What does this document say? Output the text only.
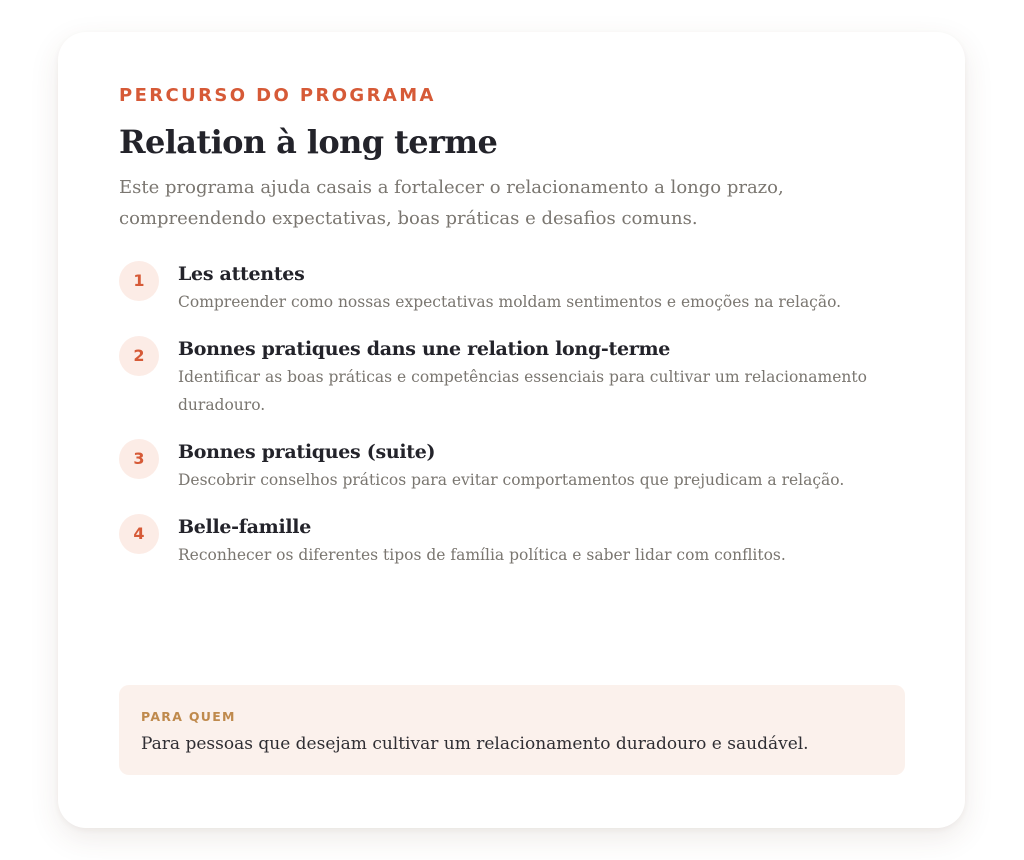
PERCURSO DO PROGRAMA

Relation à long terme

Este programa ajuda casais a fortalecer o relacionamento a longo prazo, compreendendo expectativas, boas práticas e desafios comuns.

1	Les attentes

Compreender como nossas expectativas moldam sentimentos e emoções na relação.

2	Bonnes pratiques dans une relation long-terme

Identificar as boas práticas e competências essenciais para cultivar um relacionamento duradouro.

3	Bonnes pratiques (suite)

Descobrir conselhos práticos para evitar comportamentos que prejudicam a relação.

4	Belle-famille

Reconhecer os diferentes tipos de família política e saber lidar com conflitos.

PARA QUEM

Para pessoas que desejam cultivar um relacionamento duradouro e saudável.
